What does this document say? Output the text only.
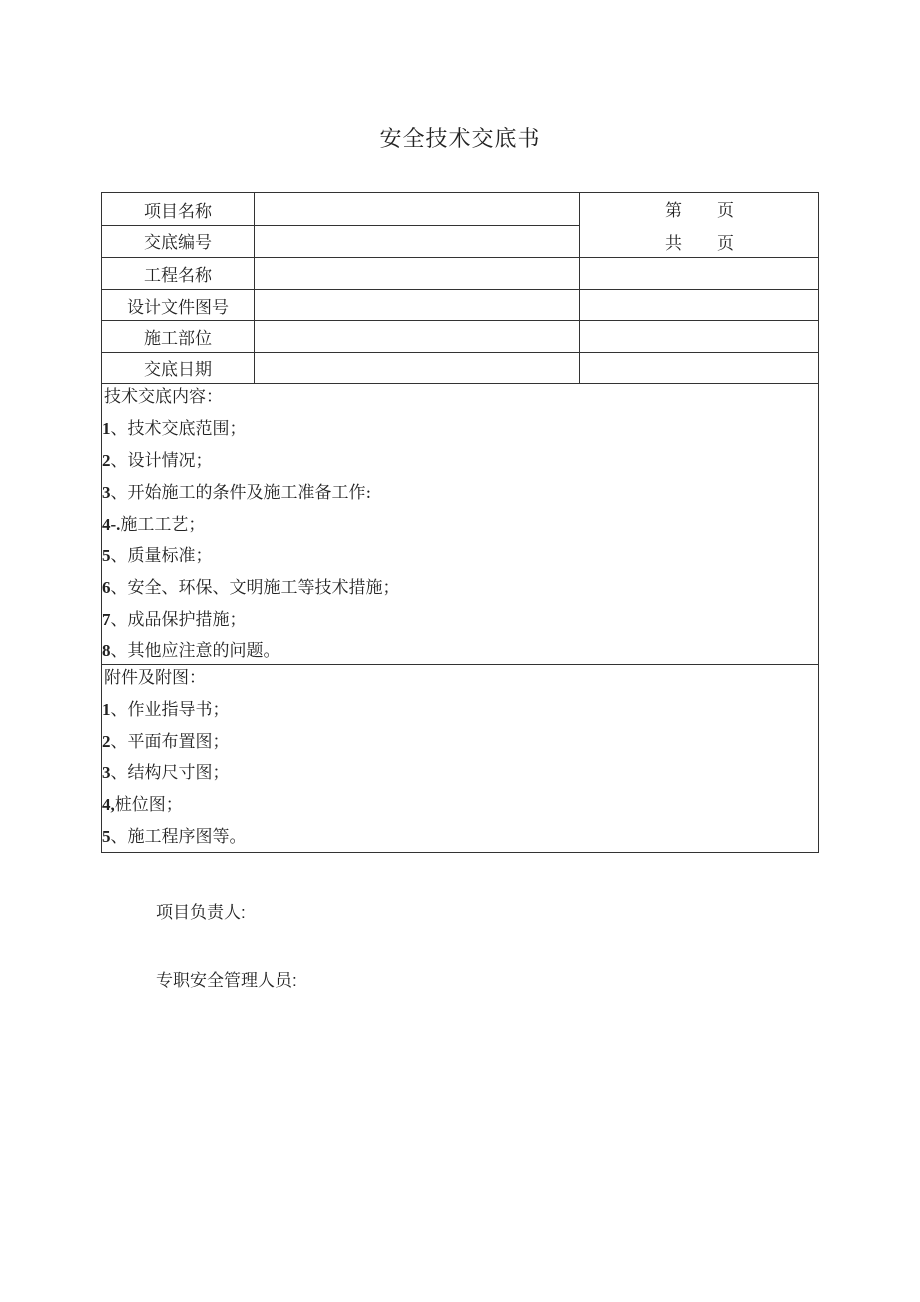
安全技术交底书
项目名称
交底编号
工程名称
设计文件图号
施工部位
交底日期
第 页
共 页
技术交底内容：
1、技术交底范围；
2、设计情况；
3、开始施工的条件及施工准备工作:
4-.施工工艺；
5、质量标准；
6、安全、环保、文明施工等技术措施；
7、成品保护措施；
8、其他应注意的问题。
附件及附图：
1、作业指导书；
2、平面布置图；
3、结构尺寸图；
4,桩位图；
5、施工程序图等。
项目负责人:
专职安全管理人员:
